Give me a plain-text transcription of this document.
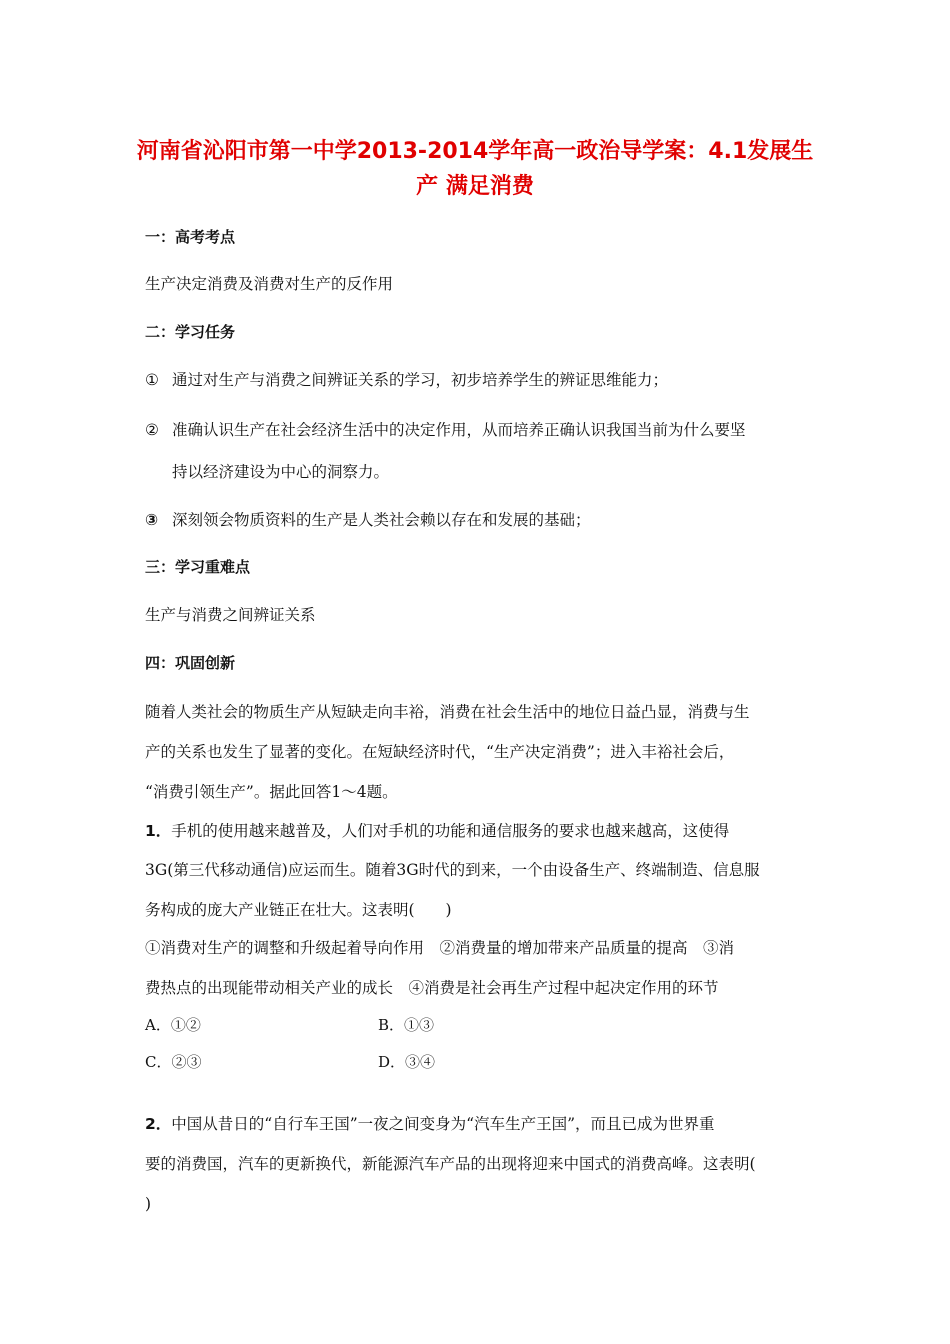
河南省沁阳市第一中学2013-2014学年高一政治导学案：4.1发展生
产 满足消费
一：高考考点
生产决定消费及消费对生产的反作用
二：学习任务
① 通过对生产与消费之间辨证关系的学习，初步培养学生的辨证思维能力；
② 准确认识生产在社会经济生活中的决定作用，从而培养正确认识我国当前为什么要坚
持以经济建设为中心的洞察力。
③ 深刻领会物质资料的生产是人类社会赖以存在和发展的基础；
三：学习重难点
生产与消费之间辨证关系
四：巩固创新
随着人类社会的物质生产从短缺走向丰裕，消费在社会生活中的地位日益凸显，消费与生
产的关系也发生了显著的变化。在短缺经济时代，“生产决定消费”；进入丰裕社会后，
“消费引领生产”。据此回答1～4题。
1．手机的使用越来越普及，人们对手机的功能和通信服务的要求也越来越高，这使得
3G(第三代移动通信)应运而生。随着3G时代的到来，一个由设备生产、终端制造、信息服
务构成的庞大产业链正在壮大。这表明(　　)
①消费对生产的调整和升级起着导向作用　②消费量的增加带来产品质量的提高　③消
费热点的出现能带动相关产业的成长　④消费是社会再生产过程中起决定作用的环节
A．①②	B．①③
C．②③	D．③④
2．中国从昔日的“自行车王国”一夜之间变身为“汽车生产王国”，而且已成为世界重
要的消费国，汽车的更新换代，新能源汽车产品的出现将迎来中国式的消费高峰。这表明(
)
